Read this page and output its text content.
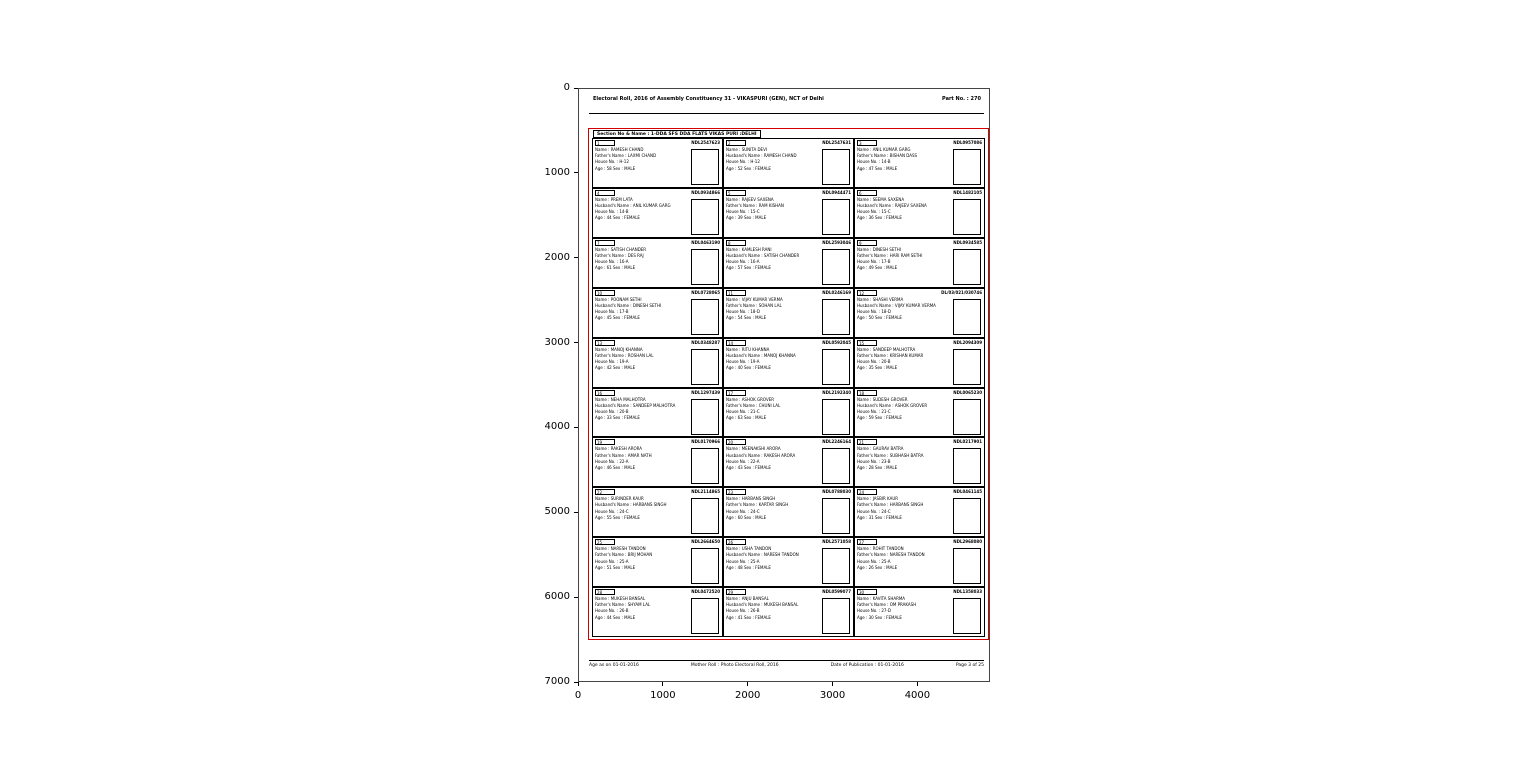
Electoral Roll, 2016 of Assembly Constituency 31 - VIKASPURI (GEN), NCT of Delhi	Part No. : 270
Section No & Name : 1-DDA SFS DDA FLATS VIKAS PURI :DELHI
1	NDL2547623
Name : RAMESH CHAND
Father's Name : LAXMI CHAND
House No. : H-12
Age : 58 Sex : MALE
2	NDL2547631
Name : SUNITA DEVI
Husband's Name : RAMESH CHAND
House No. : H-12
Age : 52 Sex : FEMALE
3	NDL0957086
Name : ANIL KUMAR GARG
Father's Name : BISHAN DASS
House No. : 14-B
Age : 47 Sex : MALE
4	NDL0934866
Name : PREM LATA
Husband's Name : ANIL KUMAR GARG
House No. : 14-B
Age : 44 Sex : FEMALE
5	NDL0944471
Name : RAJEEV SAXENA
Father's Name : RAM KISHAN
House No. : 15-C
Age : 39 Sex : MALE
6	NDL1482105
Name : SEEMA SAXENA
Husband's Name : RAJEEV SAXENA
House No. : 15-C
Age : 36 Sex : FEMALE
7	NDL0463190
Name : SATISH CHANDER
Father's Name : DES RAJ
House No. : 16-A
Age : 61 Sex : MALE
8	NDL2593046
Name : KAMLESH RANI
Husband's Name : SATISH CHANDER
House No. : 16-A
Age : 57 Sex : FEMALE
9	NDL0934585
Name : DINESH SETHI
Father's Name : HARI RAM SETHI
House No. : 17-B
Age : 49 Sex : MALE
10	NDL0728065
Name : POONAM SETHI
Husband's Name : DINESH SETHI
House No. : 17-B
Age : 45 Sex : FEMALE
11	NDL0246169
Name : VIJAY KUMAR VERMA
Father's Name : SOHAN LAL
House No. : 18-D
Age : 54 Sex : MALE
12	DL/03/021/030746
Name : SHASHI VERMA
Husband's Name : VIJAY KUMAR VERMA
House No. : 18-D
Age : 50 Sex : FEMALE
13	NDL0348287
Name : MANOJ KHANNA
Father's Name : ROSHAN LAL
House No. : 19-A
Age : 42 Sex : MALE
14	NDL0592045
Name : RITU KHANNA
Husband's Name : MANOJ KHANNA
House No. : 19-A
Age : 40 Sex : FEMALE
15	NDL2094309
Name : SANDEEP MALHOTRA
Father's Name : KRISHAN KUMAR
House No. : 20-B
Age : 35 Sex : MALE
16	NDL1297439
Name : NEHA MALHOTRA
Husband's Name : SANDEEP MALHOTRA
House No. : 20-B
Age : 33 Sex : FEMALE
17	NDL2192340
Name : ASHOK GROVER
Father's Name : CHUNI LAL
House No. : 21-C
Age : 63 Sex : MALE
18	NDL0065230
Name : SUDESH GROVER
Husband's Name : ASHOK GROVER
House No. : 21-C
Age : 59 Sex : FEMALE
19	NDL0170966
Name : RAKESH ARORA
Father's Name : AMAR NATH
House No. : 22-A
Age : 46 Sex : MALE
20	NDL2246164
Name : MEENAKSHI ARORA
Husband's Name : RAKESH ARORA
House No. : 22-A
Age : 43 Sex : FEMALE
21	NDL0217901
Name : GAURAV BATRA
Father's Name : SUBHASH BATRA
House No. : 23-B
Age : 28 Sex : MALE
22	NDL2114865
Name : SURINDER KAUR
Husband's Name : HARBANS SINGH
House No. : 24-C
Age : 55 Sex : FEMALE
23	NDL0788030
Name : HARBANS SINGH
Father's Name : KARTAR SINGH
House No. : 24-C
Age : 60 Sex : MALE
24	NDL0461145
Name : JASBIR KAUR
Father's Name : HARBANS SINGH
House No. : 24-C
Age : 31 Sex : FEMALE
25	NDL2664650
Name : NARESH TANDON
Father's Name : BRIJ MOHAN
House No. : 25-A
Age : 51 Sex : MALE
26	NDL2571058
Name : USHA TANDON
Husband's Name : NARESH TANDON
House No. : 25-A
Age : 48 Sex : FEMALE
27	NDL2968080
Name : ROHIT TANDON
Father's Name : NARESH TANDON
House No. : 25-A
Age : 26 Sex : MALE
28	NDL0472520
Name : MUKESH BANSAL
Father's Name : SHYAM LAL
House No. : 26-B
Age : 44 Sex : MALE
29	NDL0599077
Name : ANJU BANSAL
Husband's Name : MUKESH BANSAL
House No. : 26-B
Age : 41 Sex : FEMALE
30	NDL1358033
Name : KAVITA SHARMA
Father's Name : OM PRAKASH
House No. : 27-D
Age : 30 Sex : FEMALE
Age as on 01-01-2016	Mother Roll : Photo Electoral Roll, 2016	Date of Publication : 01-01-2016	Page 3 of 25
0
1000
2000
3000
4000
5000
6000
7000
0	1000	2000	3000	4000
